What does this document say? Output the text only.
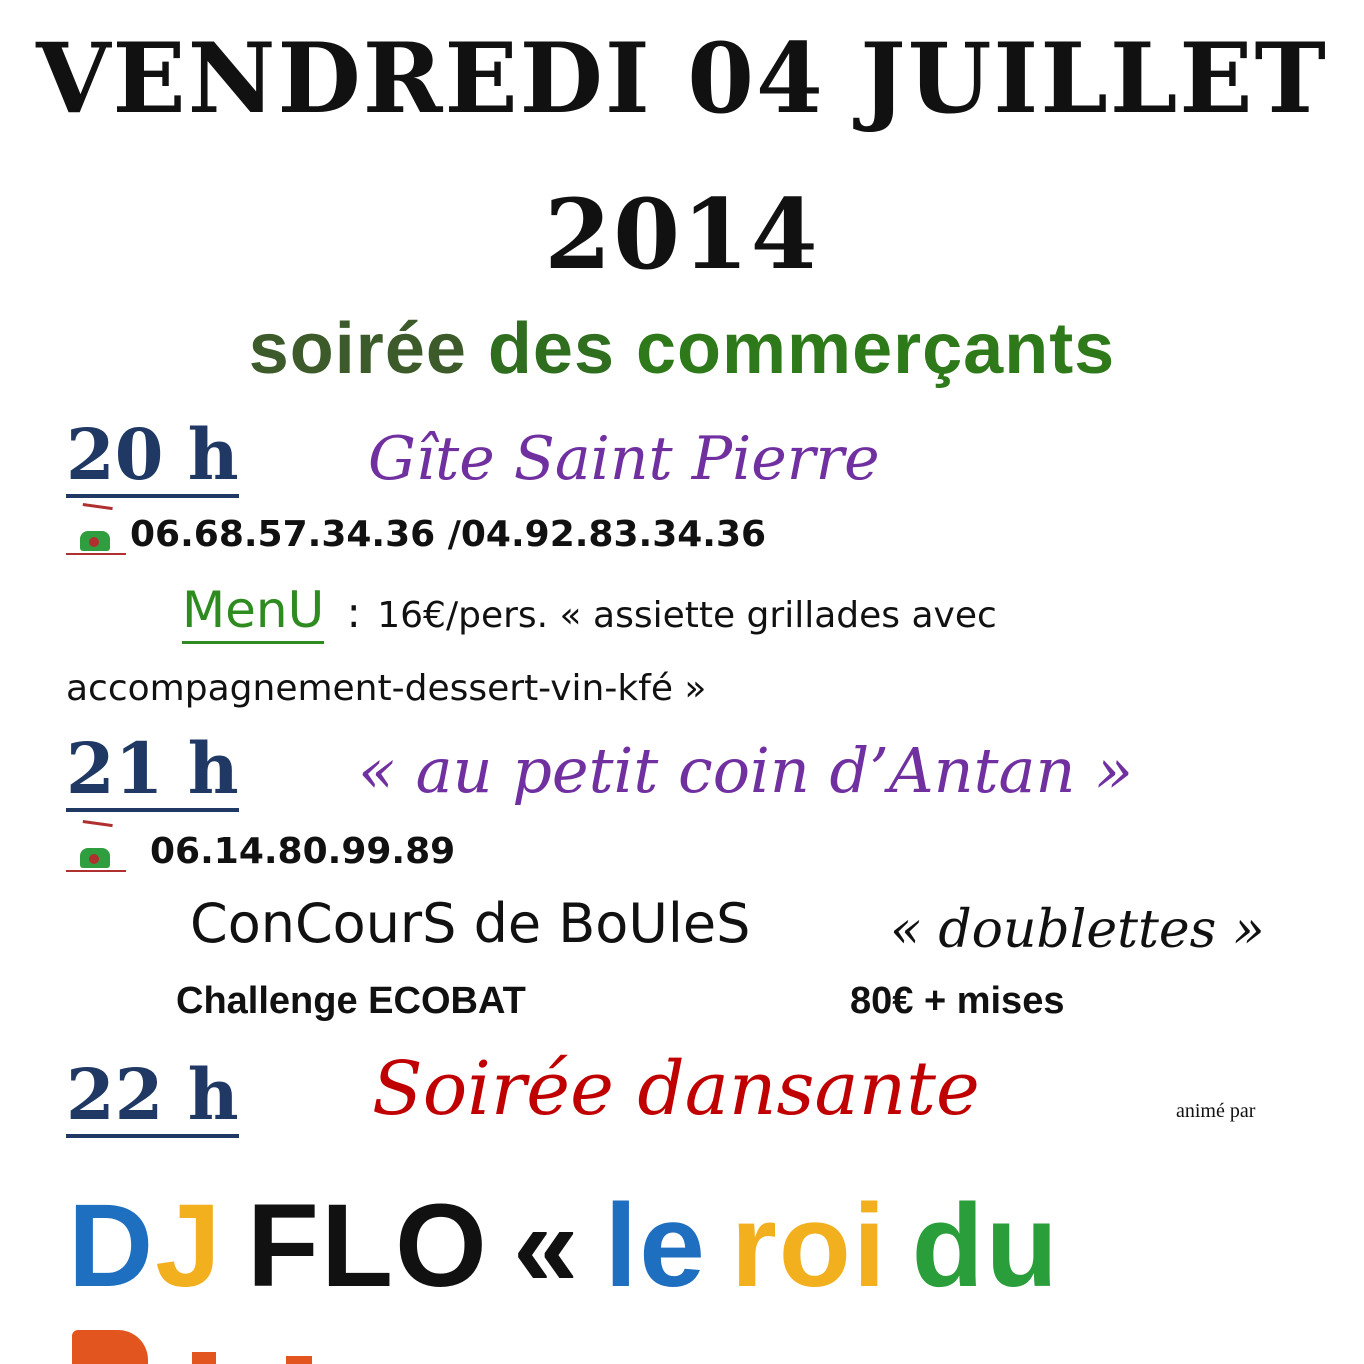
VENDREDI 04 JUILLET
2014
soirée des commerçants
20 h Gîte Saint Pierre
06.68.57.34.36 /04.92.83.34.36
MenU : 16€/pers. « assiette grillades avec
accompagnement-dessert-vin-kfé »
21 h « au petit coin d’Antan »
06.14.80.99.89
ConCourS de BoUleS	« doublettes »
Challenge ECOBAT	80€ + mises
22 h Soirée dansante	animé par
DJ FLO « le roi du
